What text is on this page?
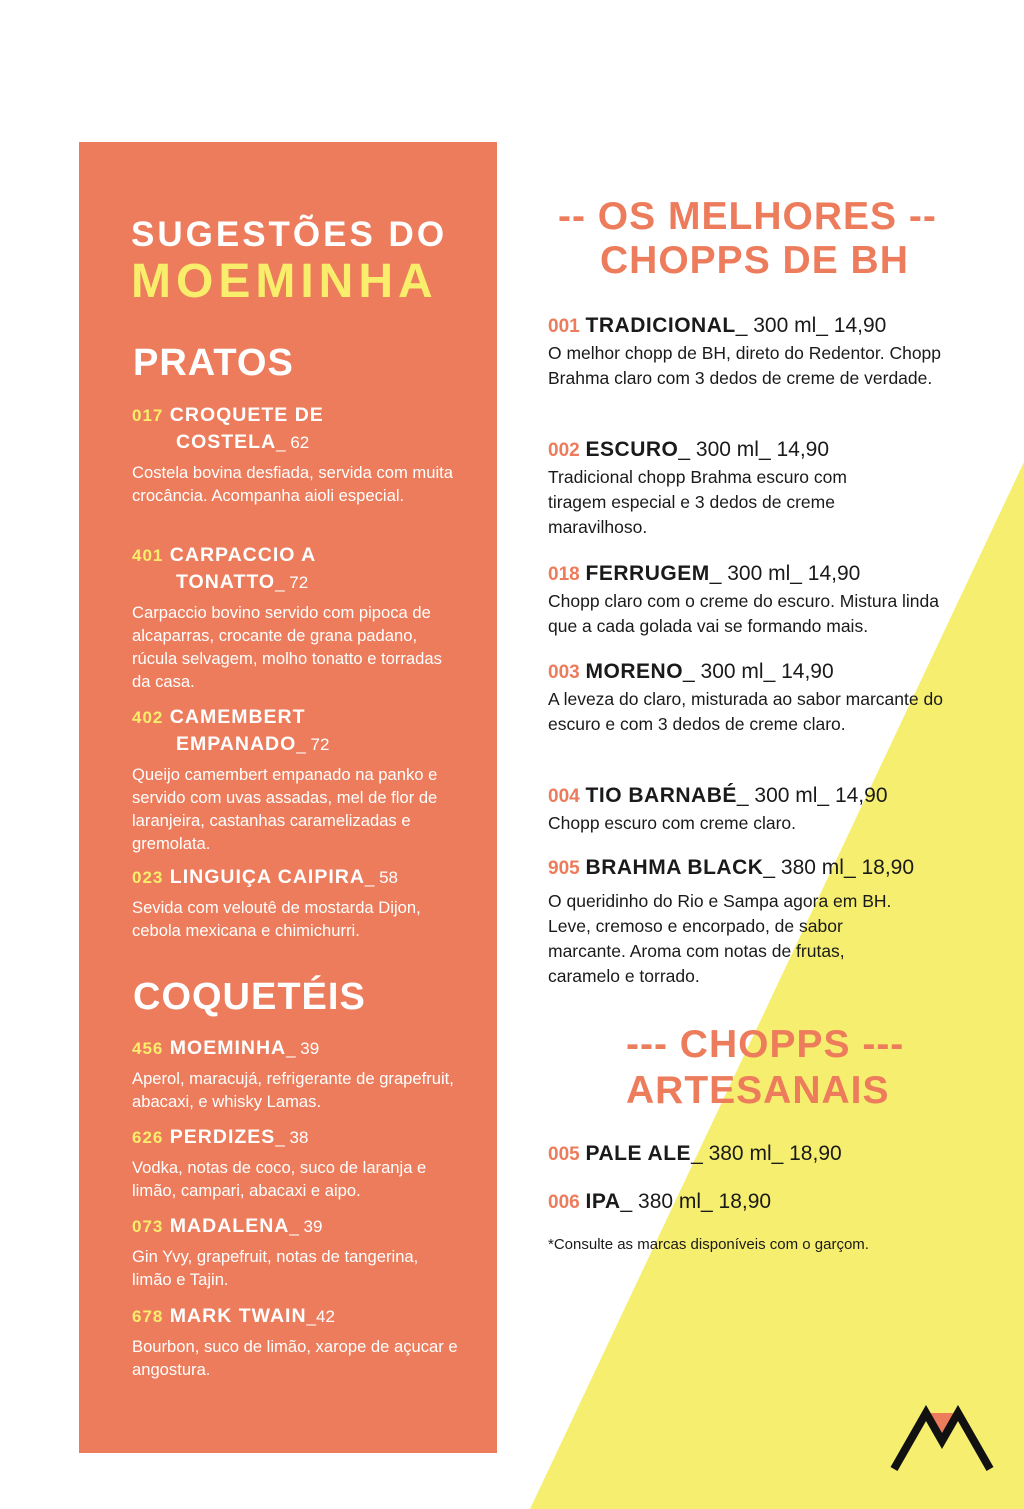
SUGESTÕES DO
MOEMINHA
PRATOS
017 CROQUETE DE
COSTELA_ 62
Costela bovina desfiada, servida com muita crocância. Acompanha aioli especial.
401 CARPACCIO A
TONATTO_ 72
Carpaccio bovino servido com pipoca de alcaparras, crocante de grana padano, rúcula selvagem, molho tonatto e torradas da casa.
402 CAMEMBERT
EMPANADO_ 72
Queijo camembert empanado na panko e servido com uvas assadas, mel de flor de laranjeira, castanhas caramelizadas e gremolata.
023 LINGUIÇA CAIPIRA_ 58
Sevida com veloutê de mostarda Dijon, cebola mexicana e chimichurri.
COQUETÉIS
456 MOEMINHA_ 39
Aperol, maracujá, refrigerante de grapefruit, abacaxi, e whisky Lamas.
626 PERDIZES_ 38
Vodka, notas de coco, suco de laranja e limão, campari, abacaxi e aipo.
073 MADALENA_ 39
Gin Yvy, grapefruit, notas de tangerina, limão e Tajin.
678 MARK TWAIN_42
Bourbon, suco de limão, xarope de açucar e angostura.
-- OS MELHORES --
CHOPPS DE BH
001 TRADICIONAL_ 300 ml_ 14,90
O melhor chopp de BH, direto do Redentor. Chopp Brahma claro com 3 dedos de creme de verdade.
002 ESCURO_ 300 ml_ 14,90
Tradicional chopp Brahma escuro com tiragem especial e 3 dedos de creme maravilhoso.
018 FERRUGEM_ 300 ml_ 14,90
Chopp claro com o creme do escuro. Mistura linda que a cada golada vai se formando mais.
003 MORENO_ 300 ml_ 14,90
A leveza do claro, misturada ao sabor marcante do escuro e com 3 dedos de creme claro.
004 TIO BARNABÉ_ 300 ml_ 14,90
Chopp escuro com creme claro.
905 BRAHMA BLACK_ 380 ml_ 18,90
O queridinho do Rio e Sampa agora em BH. Leve, cremoso e encorpado, de sabor marcante. Aroma com notas de frutas, caramelo e torrado.
--- CHOPPS ---
ARTESANAIS
005 PALE ALE_ 380 ml_ 18,90
006 IPA_ 380 ml_ 18,90
*Consulte as marcas disponíveis com o garçom.
